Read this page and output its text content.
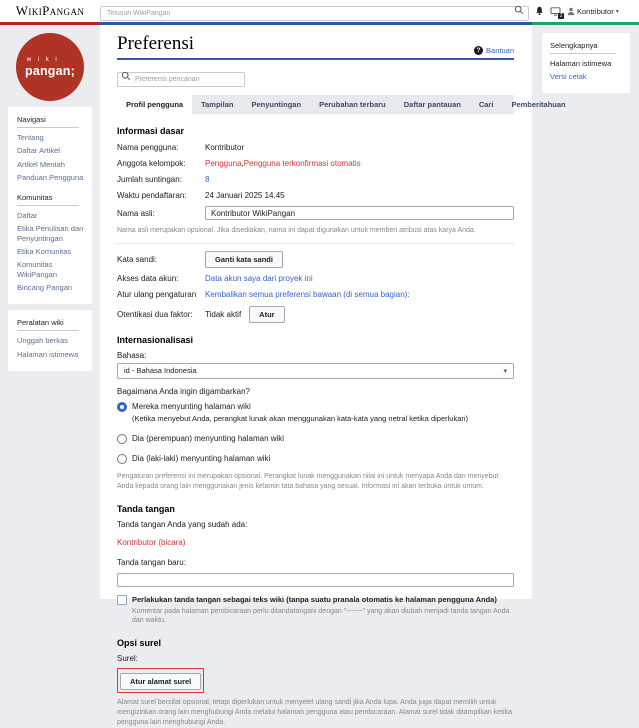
WikiPangan
Telusuri WikiPangan	2 Kontributor ▾
w i k i
pangan;
Navigasi
Tentang
Daftar Artikel
Artikel Mentah
Panduan Pengguna
Komunitas
Daftar
Etika Penulisan dan Penyuntingan
Etika Komunitas
Komunitas WikiPangan
Bincang Pangan
Peralatan wiki
Unggah berkas
Halaman istimewa
Selengkapnya
Halaman istimewa
Versi cetak
Preferensi	? Bantuan
Preferensi pencarian
Profil pengguna	Tampilan	Penyuntingan	Perubahan terbaru	Daftar pantauan	Cari	Pemberitahuan
Informasi dasar
Nama pengguna:	Kontributor
Anggota kelompok:	Pengguna , Pengguna terkonfirmasi otomatis
Jumlah suntingan:	8
Waktu pendaftaran:	24 Januari 2025 14.45
Nama asli:
Kontributor WikiPangan
Nama asli merupakan opsional. Jika disediakan, nama ini dapat digunakan untuk memberi atribusi atas karya Anda.
Kata sandi:	Ganti kata sandi
Akses data akun:	Data akun saya dari proyek ini
Atur ulang pengaturan	Kembalikan semua preferensi bawaan (di semua bagian):
Otentikasi dua faktor:	Tidak aktif	Atur
Internasionalisasi
Bahasa:
id - Bahasa Indonesia	▾
Bagaimana Anda ingin digambarkan?
Mereka menyunting halaman wiki
(Ketika menyebut Anda, perangkat lunak akan menggunakan kata-kata yang netral ketika diperlukan)
Dia (perempuan) menyunting halaman wiki
Dia (laki-laki) menyunting halaman wiki
Pengaturan preferensi ini merupakan opsional. Perangkat lunak menggunakan nilai ini untuk menyapa Anda dan menyebut Anda kepada orang lain menggunakan jenis kelamin tata bahasa yang sesuai. Informasi ini akan terbuka untuk umum.
Tanda tangan
Tanda tangan Anda yang sudah ada:
Kontributor (bicara)
Tanda tangan baru:
Perlakukan tanda tangan sebagai teks wiki (tanpa suatu pranala otomatis ke halaman pengguna Anda)
Komentar pada halaman pembicaraan perlu ditandatangani dengan "~~~~" yang akan diubah menjadi tanda tangan Anda dan waktu.
Opsi surel
Surel:
Atur alamat surel
Alamat surel bersifat opsional, tetapi diperlukan untuk menyetel ulang sandi jika Anda lupa. Anda juga dapat memilih untuk mengizinkan orang lain menghubungi Anda melalui halaman pengguna atau pembicaraan. Alamat surel tidak ditampilkan ketika pengguna lain menghubungi Anda.
